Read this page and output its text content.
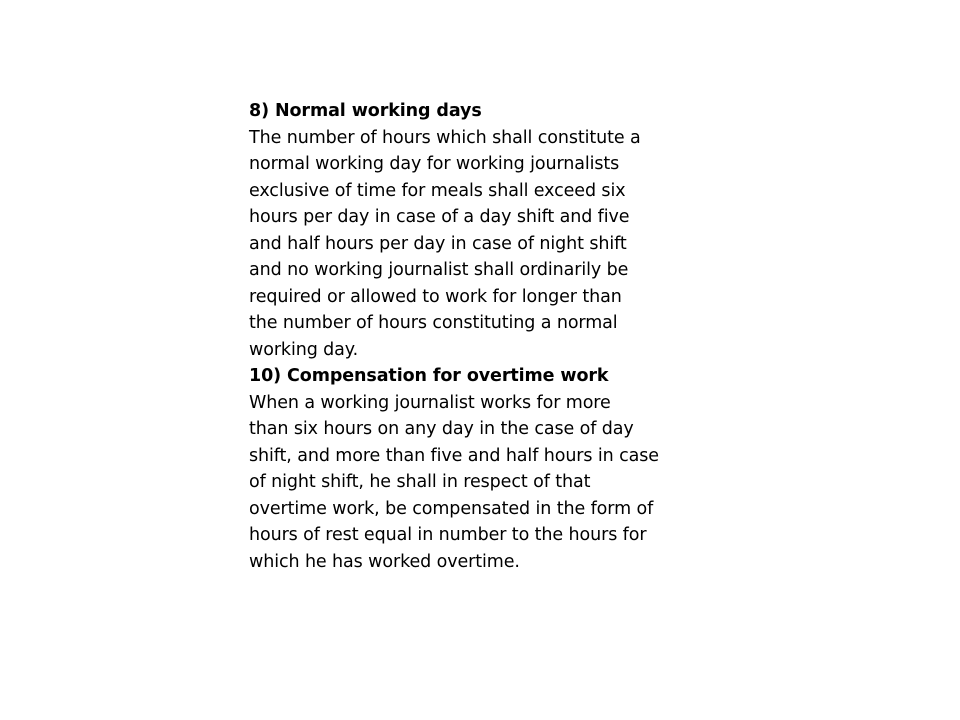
8) Normal working days
The number of hours which shall constitute a
normal working day for working journalists
exclusive of time for meals shall exceed six
hours per day in case of a day shift and five
and half hours per day in case of night shift
and no working journalist shall ordinarily be
required or allowed to work for longer than
the number of hours constituting a normal
working day.
10) Compensation for overtime work
When a working journalist works for more
than six hours on any day in the case of day
shift, and more than five and half hours in case
of night shift, he shall in respect of that
overtime work, be compensated in the form of
hours of rest equal in number to the hours for
which he has worked overtime.
